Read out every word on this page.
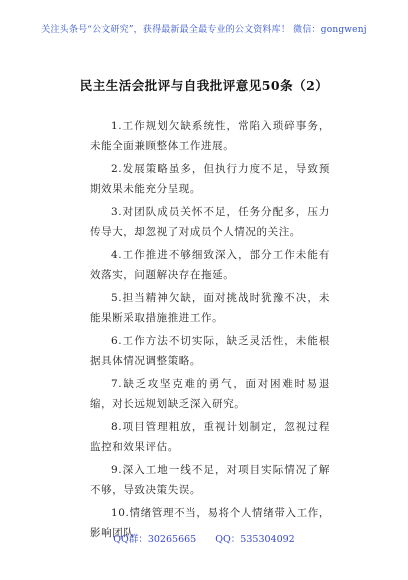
关注头条号“公文研究”，获得最新最全最专业的公文资料库！ 微信：gongwenj
民主生活会批评与自我批评意见50条（2）
1.工作规划欠缺系统性，常陷入琐碎事务，未能全面兼顾整体工作进展。
2.发展策略虽多，但执行力度不足，导致预期效果未能充分呈现。
3.对团队成员关怀不足，任务分配多，压力传导大，却忽视了对成员个人情况的关注。
4.工作推进不够细致深入，部分工作未能有效落实，问题解决存在拖延。
5.担当精神欠缺，面对挑战时犹豫不决，未能果断采取措施推进工作。
6.工作方法不切实际，缺乏灵活性，未能根据具体情况调整策略。
7.缺乏攻坚克难的勇气，面对困难时易退缩，对长远规划缺乏深入研究。
8.项目管理粗放，重视计划制定，忽视过程监控和效果评估。
9.深入工地一线不足，对项目实际情况了解不够，导致决策失误。
10.情绪管理不当，易将个人情绪带入工作，影响团队
QQ群：30265665 QQ：535304092
